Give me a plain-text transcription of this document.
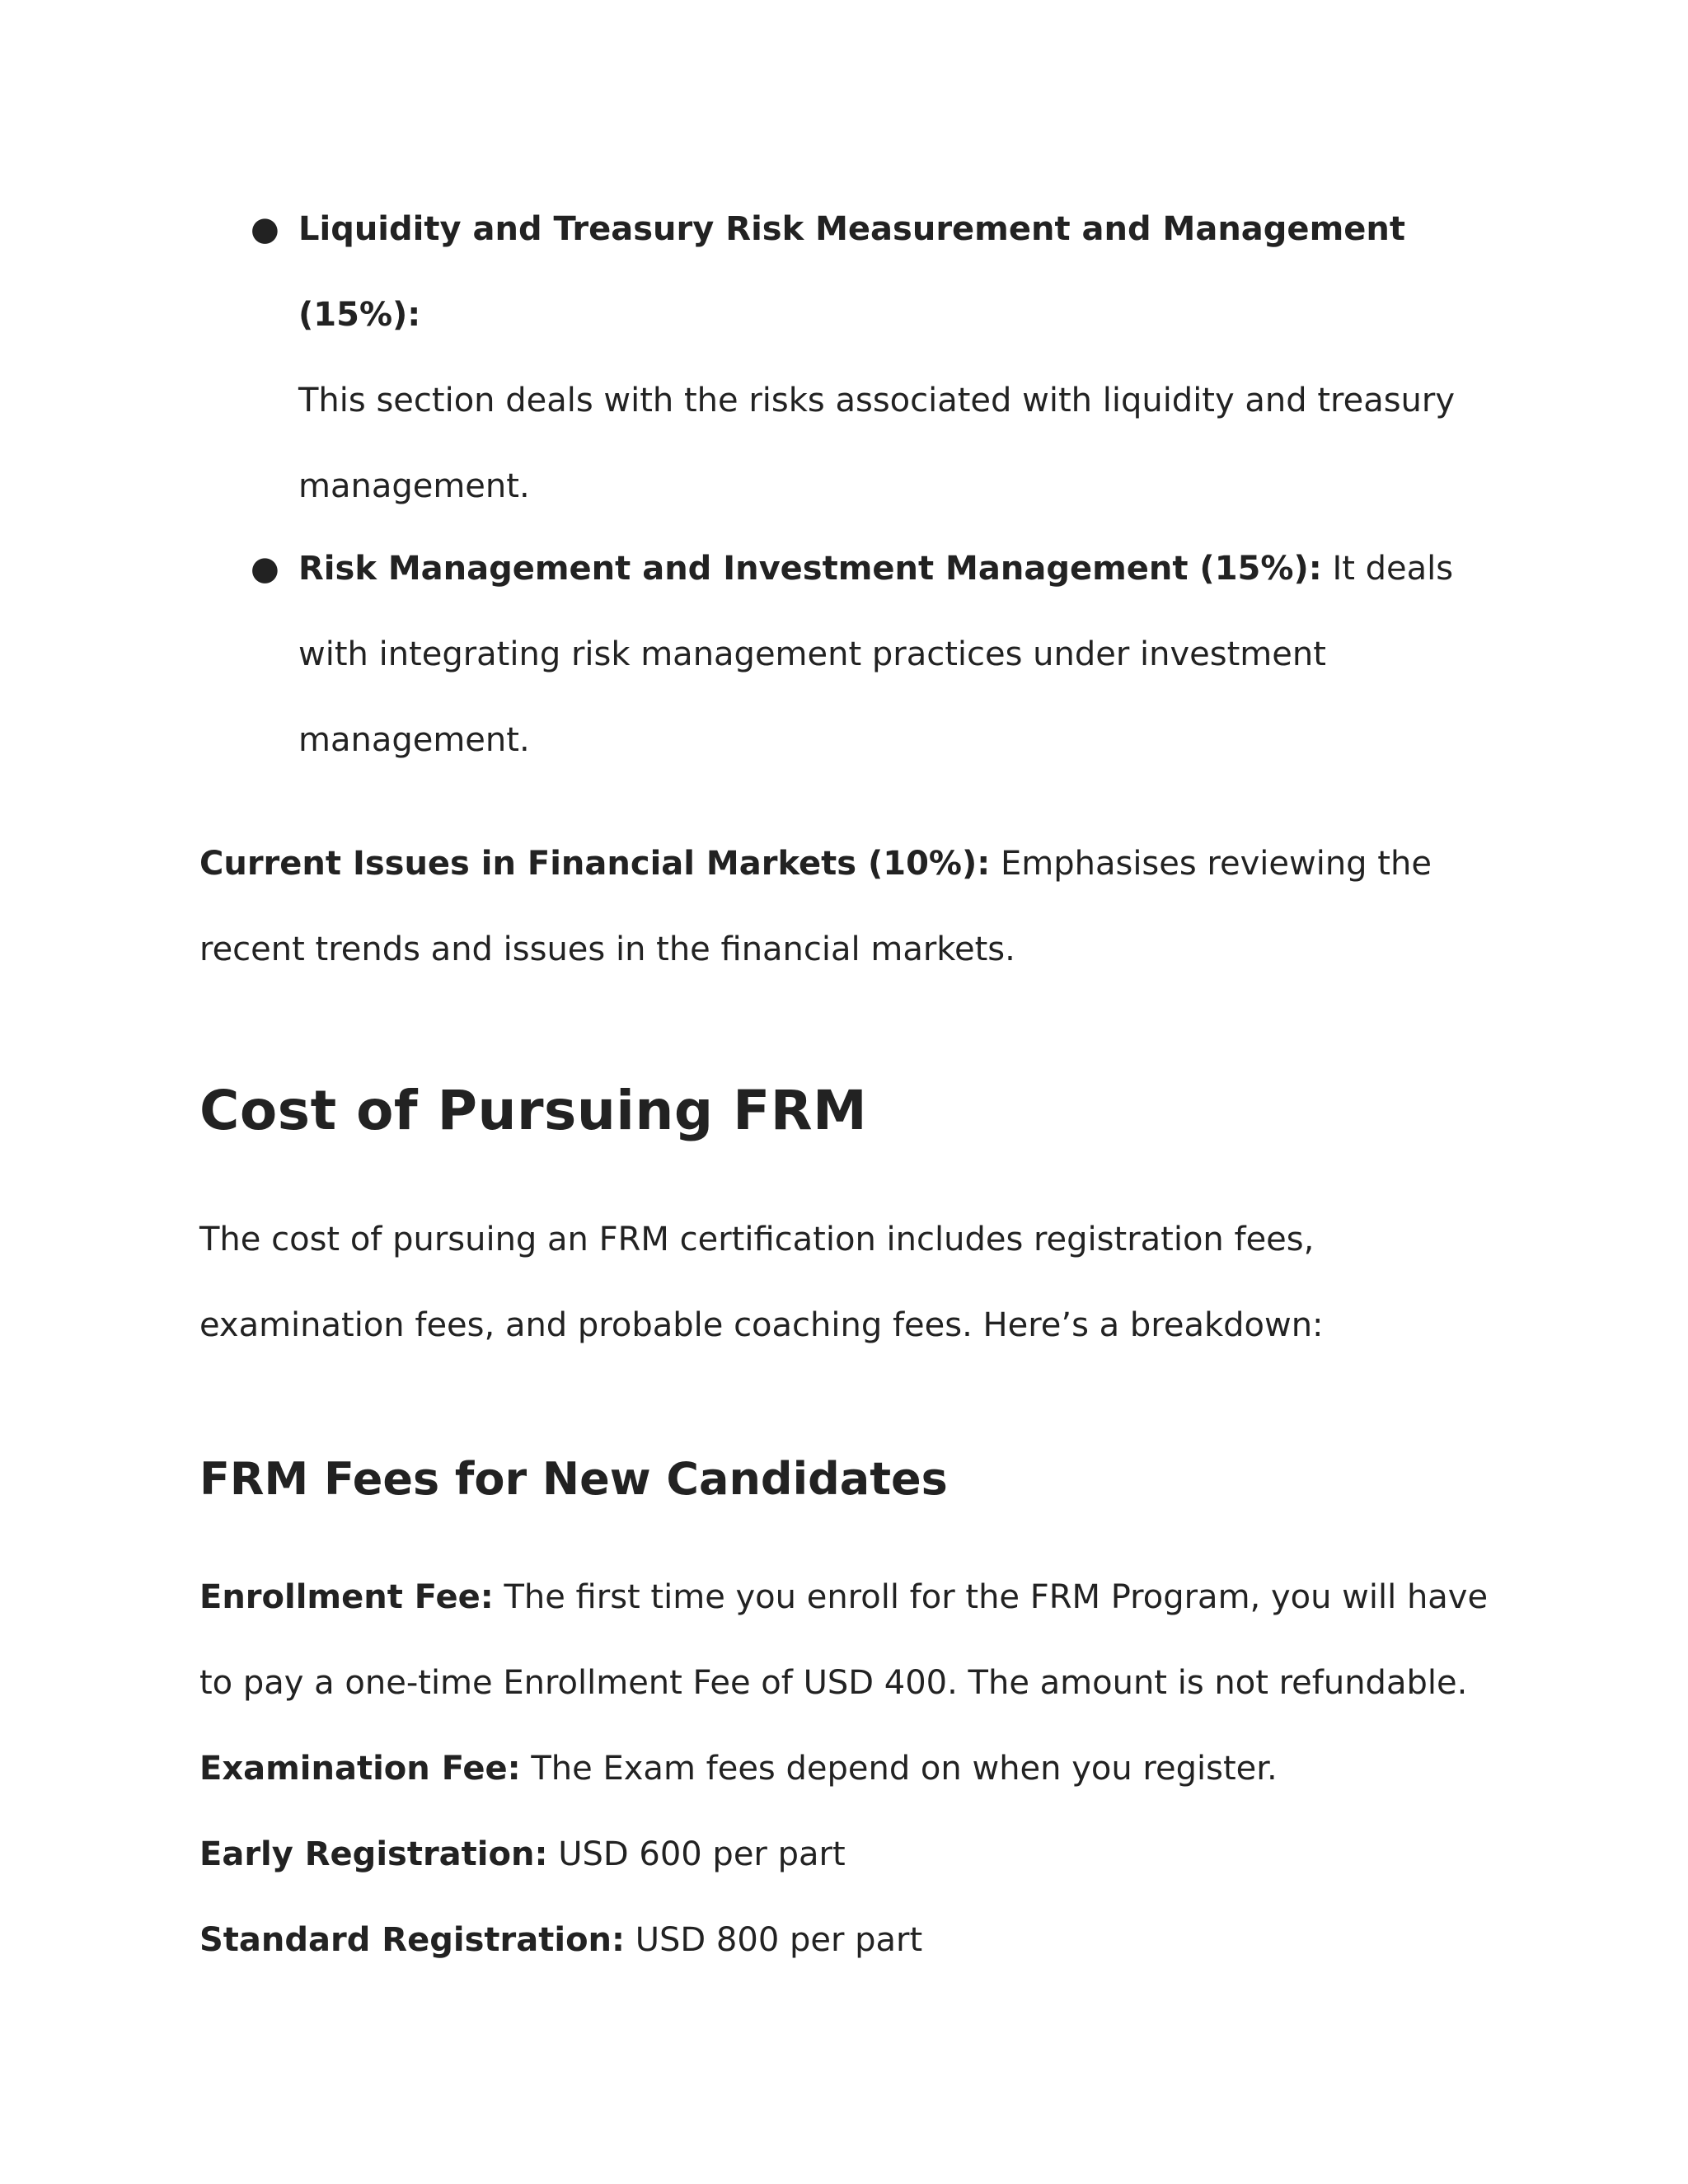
● Liquidity and Treasury Risk Measurement and Management (15%):
This section deals with the risks associated with liquidity and treasury management.
● Risk Management and Investment Management (15%): It deals with integrating risk management practices under investment management.

Current Issues in Financial Markets (10%): Emphasises reviewing the recent trends and issues in the financial markets.

Cost of Pursuing FRM

The cost of pursuing an FRM certification includes registration fees, examination fees, and probable coaching fees. Here’s a breakdown:

FRM Fees for New Candidates

Enrollment Fee: The first time you enroll for the FRM Program, you will have to pay a one-time Enrollment Fee of USD 400. The amount is not refundable.

Examination Fee: The Exam fees depend on when you register.

Early Registration: USD 600 per part

Standard Registration: USD 800 per part
